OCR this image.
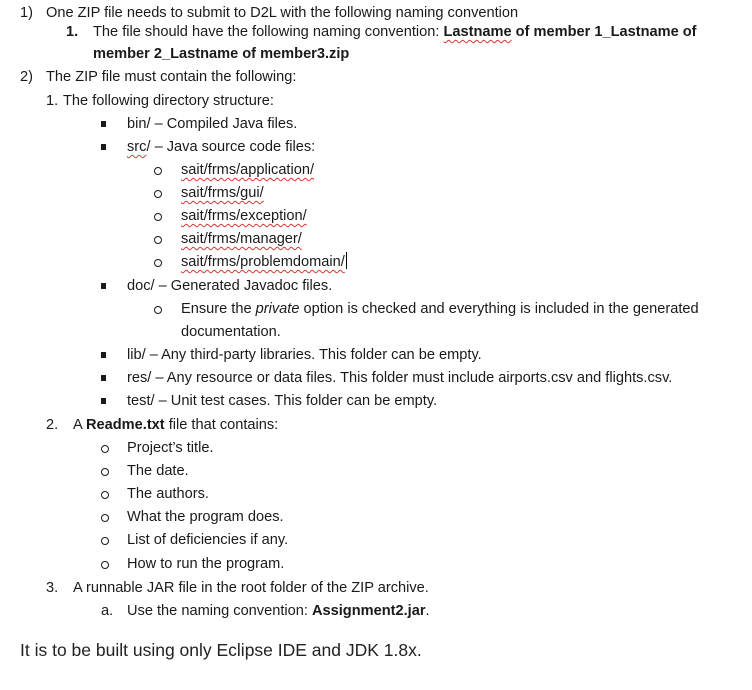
1) One ZIP file needs to submit to D2L with the following naming convention
1. The file should have the following naming convention: Lastname of member 1_Lastname of
member 2_Lastname of member3.zip
2) The ZIP file must contain the following:
1. The following directory structure:
bin/ – Compiled Java files.
src/ – Java source code files:
sait/frms/application/
sait/frms/gui/
sait/frms/exception/
sait/frms/manager/
sait/frms/problemdomain/
doc/ – Generated Javadoc files.
Ensure the private option is checked and everything is included in the generated
documentation.
lib/ – Any third-party libraries. This folder can be empty.
res/ – Any resource or data files. This folder must include airports.csv and flights.csv.
test/ – Unit test cases. This folder can be empty.
2. A Readme.txt file that contains:
Project’s title.
The date.
The authors.
What the program does.
List of deficiencies if any.
How to run the program.
3. A runnable JAR file in the root folder of the ZIP archive.
a. Use the naming convention: Assignment2.jar.
It is to be built using only Eclipse IDE and JDK 1.8x.
